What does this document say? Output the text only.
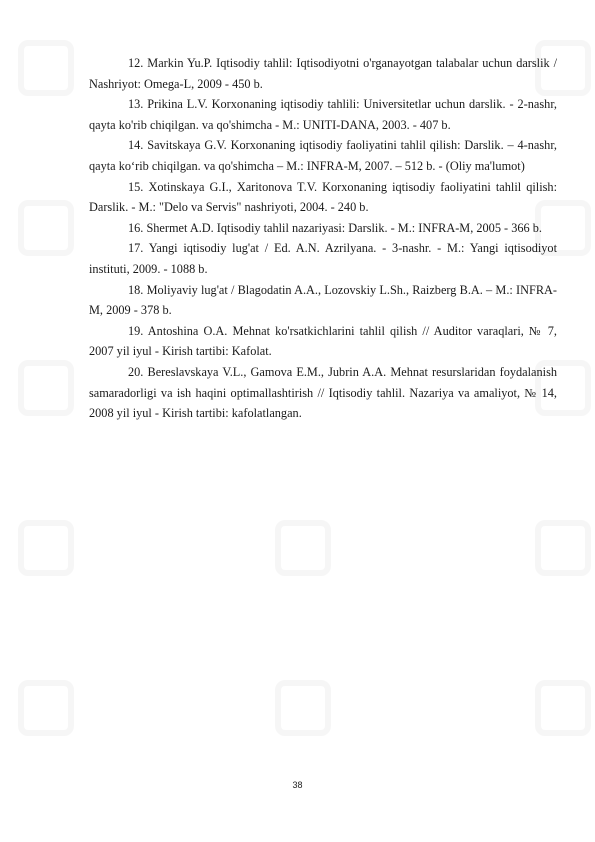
12. Markin Yu.P. Iqtisodiy tahlil: Iqtisodiyotni o'rganayotgan talabalar uchun darslik / Nashriyot: Omega-L, 2009 - 450 b.

13. Prikina L.V. Korxonaning iqtisodiy tahlili: Universitetlar uchun darslik. - 2-nashr, qayta ko'rib chiqilgan. va qo'shimcha - M.: UNITI-DANA, 2003. - 407 b.

14. Savitskaya G.V. Korxonaning iqtisodiy faoliyatini tahlil qilish: Darslik. – 4-nashr, qayta koʻrib chiqilgan. va qo'shimcha – M.: INFRA-M, 2007. – 512 b. - (Oliy ma'lumot)

15. Xotinskaya G.I., Xaritonova T.V. Korxonaning iqtisodiy faoliyatini tahlil qilish: Darslik. - M.: "Delo va Servis" nashriyoti, 2004. - 240 b.

16. Shermet A.D. Iqtisodiy tahlil nazariyasi: Darslik. - M.: INFRA-M, 2005 - 366 b.

17. Yangi iqtisodiy lug'at / Ed. A.N. Azrilyana. - 3-nashr. - M.: Yangi iqtisodiyot instituti, 2009. - 1088 b.

18. Moliyaviy lug'at / Blagodatin A.A., Lozovskiy L.Sh., Raizberg B.A. – M.: INFRA-M, 2009 - 378 b.

19. Antoshina O.A. Mehnat ko'rsatkichlarini tahlil qilish // Auditor varaqlari, № 7, 2007 yil iyul - Kirish tartibi: Kafolat.

20. Bereslavskaya V.L., Gamova E.M., Jubrin A.A. Mehnat resurslaridan foydalanish samaradorligi va ish haqini optimallashtirish // Iqtisodiy tahlil. Nazariya va amaliyot, № 14, 2008 yil iyul - Kirish tartibi: kafolatlangan.

38
